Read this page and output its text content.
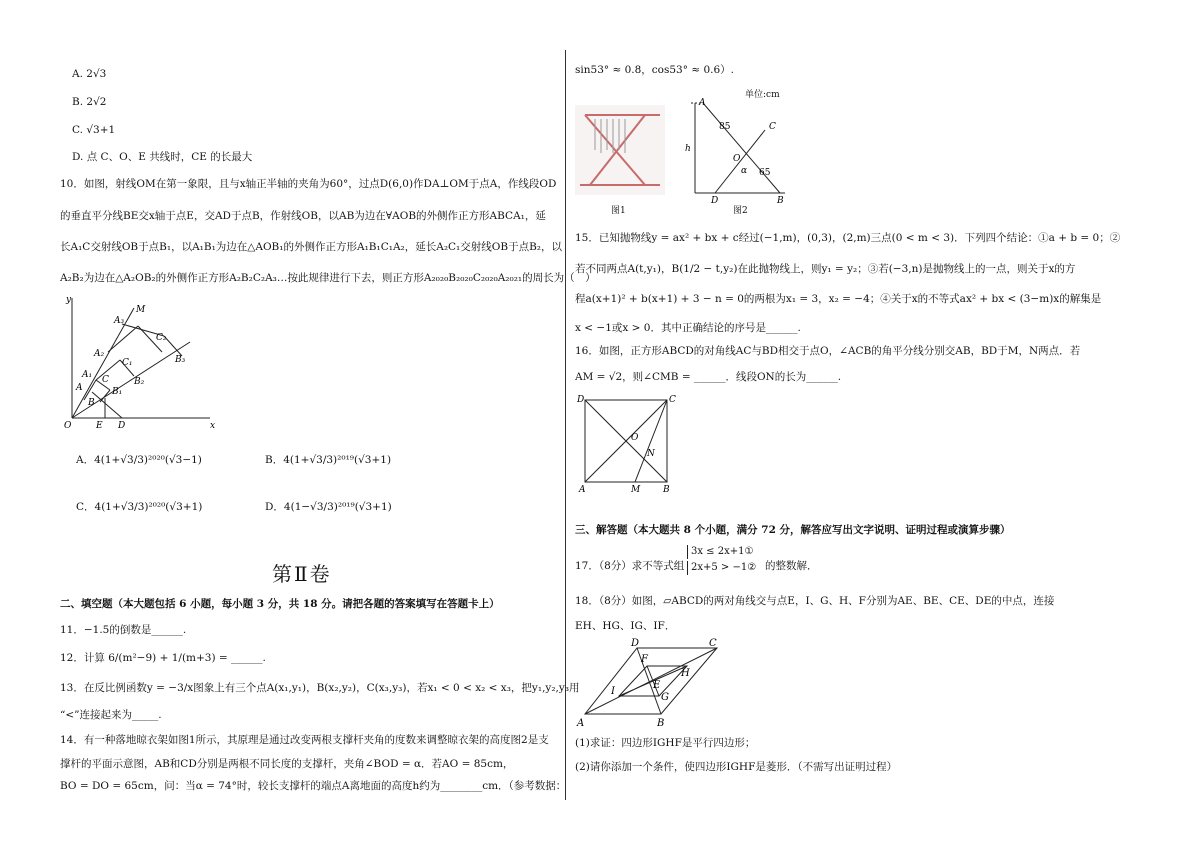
A. 2√3
B. 2√2
C. √3+1
D. 点 C、O、E 共线时，CE 的长最大
10．如图，射线OM在第一象限，且与x轴正半轴的夹角为60°，过点D(6,0)作DA⊥OM于点A，作线段OD
的垂直平分线BE交x轴于点E，交AD于点B，作射线OB，以AB为边在∀AOB的外侧作正方形ABCA₁，延
长A₁C交射线OB于点B₁，以A₁B₁为边在△AOB₁的外侧作正方形A₁B₁C₁A₂，延长A₂C₁交射线OB于点B₂，以
A₂B₂为边在△A₂OB₂的外侧作正方形A₂B₂C₂A₃…按此规律进行下去，则正方形A₂₀₂₀B₂₀₂₀C₂₀₂₀A₂₀₂₁的周长为（　）
y
M
A₃
C₂
B₃
A₂
C₁
A₁
B₂
C
A
B
B₁
O	E D	x
A．4(1+√3/3)²⁰²⁰(√3−1)	B．4(1+√3/3)²⁰¹⁹(√3+1)
C．4(1+√3/3)²⁰²⁰(√3+1)	D．4(1−√3/3)²⁰¹⁹(√3+1)
第Ⅱ卷
二、填空题（本大题包括 6 小题，每小题 3 分，共 18 分。请把各题的答案填写在答题卡上）
11．−1.5的倒数是______.
12．计算 6/(m²−9) + 1/(m+3) = ______.
13．在反比例函数y = −3/x图象上有三个点A(x₁,y₁)，B(x₂,y₂)，C(x₃,y₃)，若x₁ < 0 < x₂ < x₃，把y₁,y₂,y₃用
“<”连接起来为_____.
14．有一种落地晾衣架如图1所示，其原理是通过改变两根支撑杆夹角的度数来调整晾衣架的高度图2是支
撑杆的平面示意图，AB和CD分别是两根不同长度的支撑杆，夹角∠BOD = α．若AO = 85cm，
BO = DO = 65cm，问：当α = 74°时，较长支撑杆的端点A离地面的高度h约为________cm．（参考数据：
sin53° ≈ 0.8，cos53° ≈ 0.6）.
图1
单位:cm
A
C
O
α
85
65
h
D	B
图2
15．已知抛物线y = ax² + bx + c经过(−1,m)，(0,3)，(2,m)三点(0 < m < 3)．下列四个结论：①a + b = 0；②
若不同两点A(t,y₁)，B(1/2 − t,y₂)在此抛物线上，则y₁ = y₂；③若(−3,n)是抛物线上的一点，则关于x的方
程a(x+1)² + b(x+1) + 3 − n = 0的两根为x₁ = 3，x₂ = −4；④关于x的不等式ax² + bx < (3−m)x的解集是
x < −1或x > 0．其中正确结论的序号是______.
16．如图，正方形ABCD的对角线AC与BD相交于点O，∠ACB的角平分线分别交AB，BD于M，N两点．若
AM = √2，则∠CMB = ______．线段ON的长为______.
D	C
O
N
A	M	B
三、解答题（本大题共 8 个小题，满分 72 分，解答应写出文字说明、证明过程或演算步骤）
17．（8分）求不等式组
3x ≤ 2x+1①
2x+5 > −1② 的整数解．
18．（8分）如图，▱ABCD的两对角线交与点E，I、G、H、F分别为AE、BE、CE、DE的中点，连接
EH、HG、IG、IF．
D	C
F
H
E
I
G
A	B
(1)求证：四边形IGHF是平行四边形；
(2)请你添加一个条件，使四边形IGHF是菱形．（不需写出证明过程）
